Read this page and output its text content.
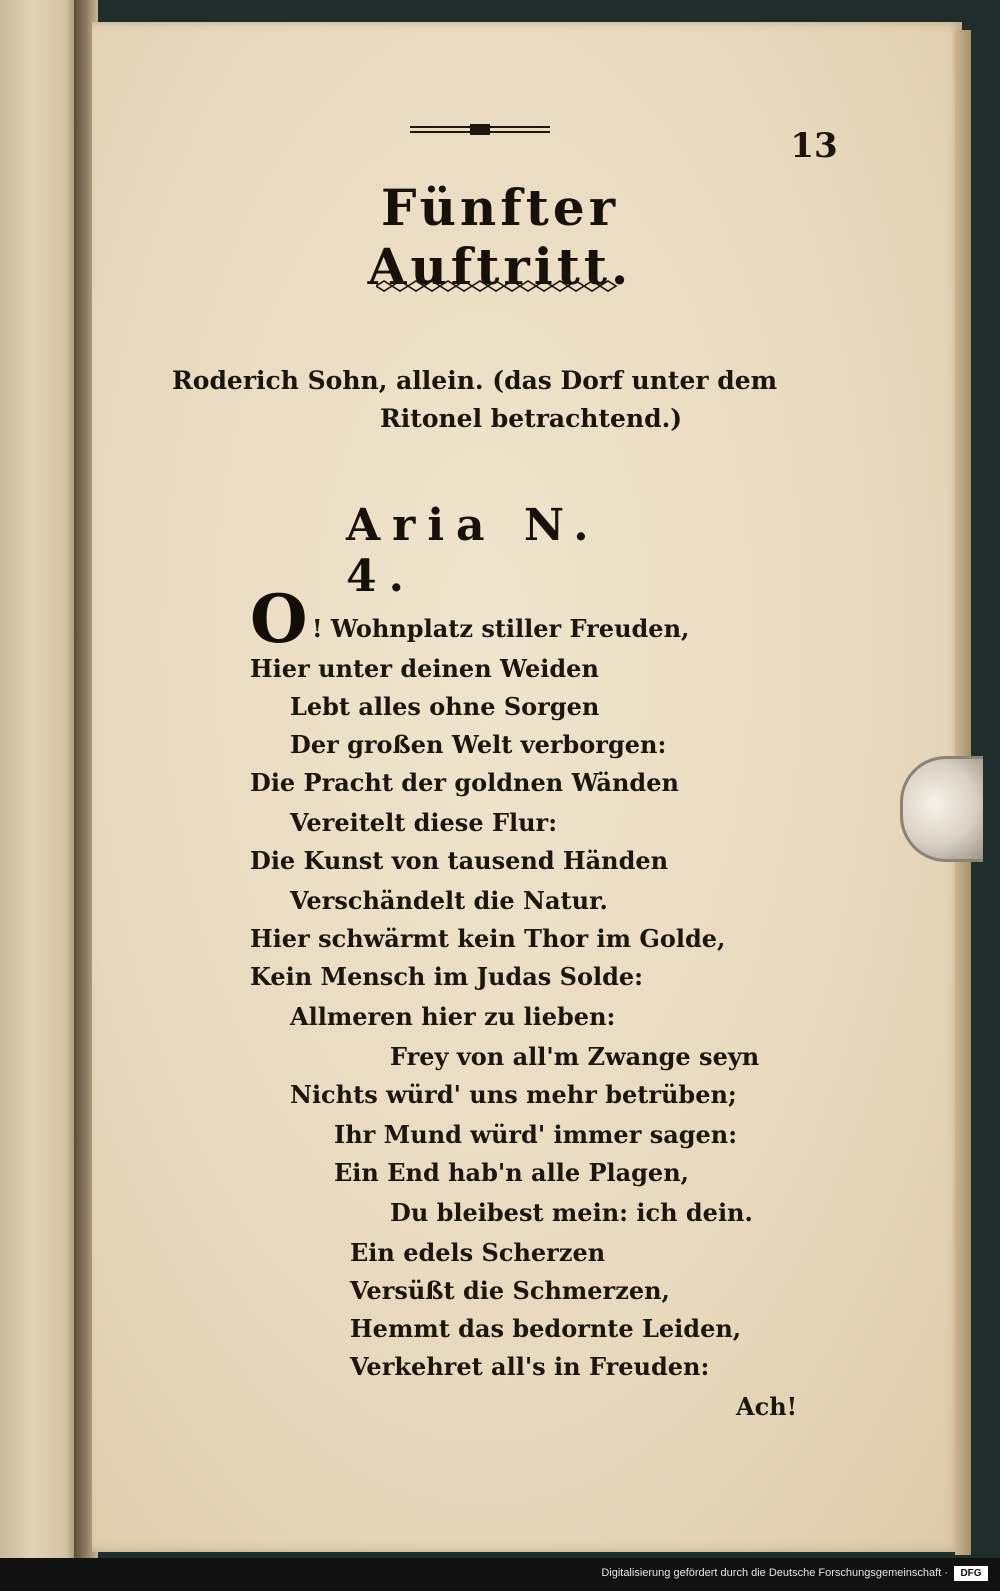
13
Fünfter Auftritt.
Roderich Sohn, allein. (das Dorf unter dem
Ritonel betrachtend.)
Aria N. 4.
O ! Wohnplatz stiller Freuden,
Hier unter deinen Weiden
Lebt alles ohne Sorgen
Der großen Welt verborgen:
Die Pracht der goldnen Wänden
Vereitelt diese Flur:
Die Kunst von tausend Händen
Verschändelt die Natur.
Hier schwärmt kein Thor im Golde,
Kein Mensch im Judas Solde:
Allmeren hier zu lieben:
Frey von all'm Zwange seyn
Nichts würd' uns mehr betrüben;
Ihr Mund würd' immer sagen:
Ein End hab'n alle Plagen,
Du bleibest mein: ich dein.
Ein edels Scherzen
Versüßt die Schmerzen,
Hemmt das bedornte Leiden,
Verkehret all's in Freuden:
Ach!
Digitalisierung gefördert durch die Deutsche Forschungsgemeinschaft ·	DFG
